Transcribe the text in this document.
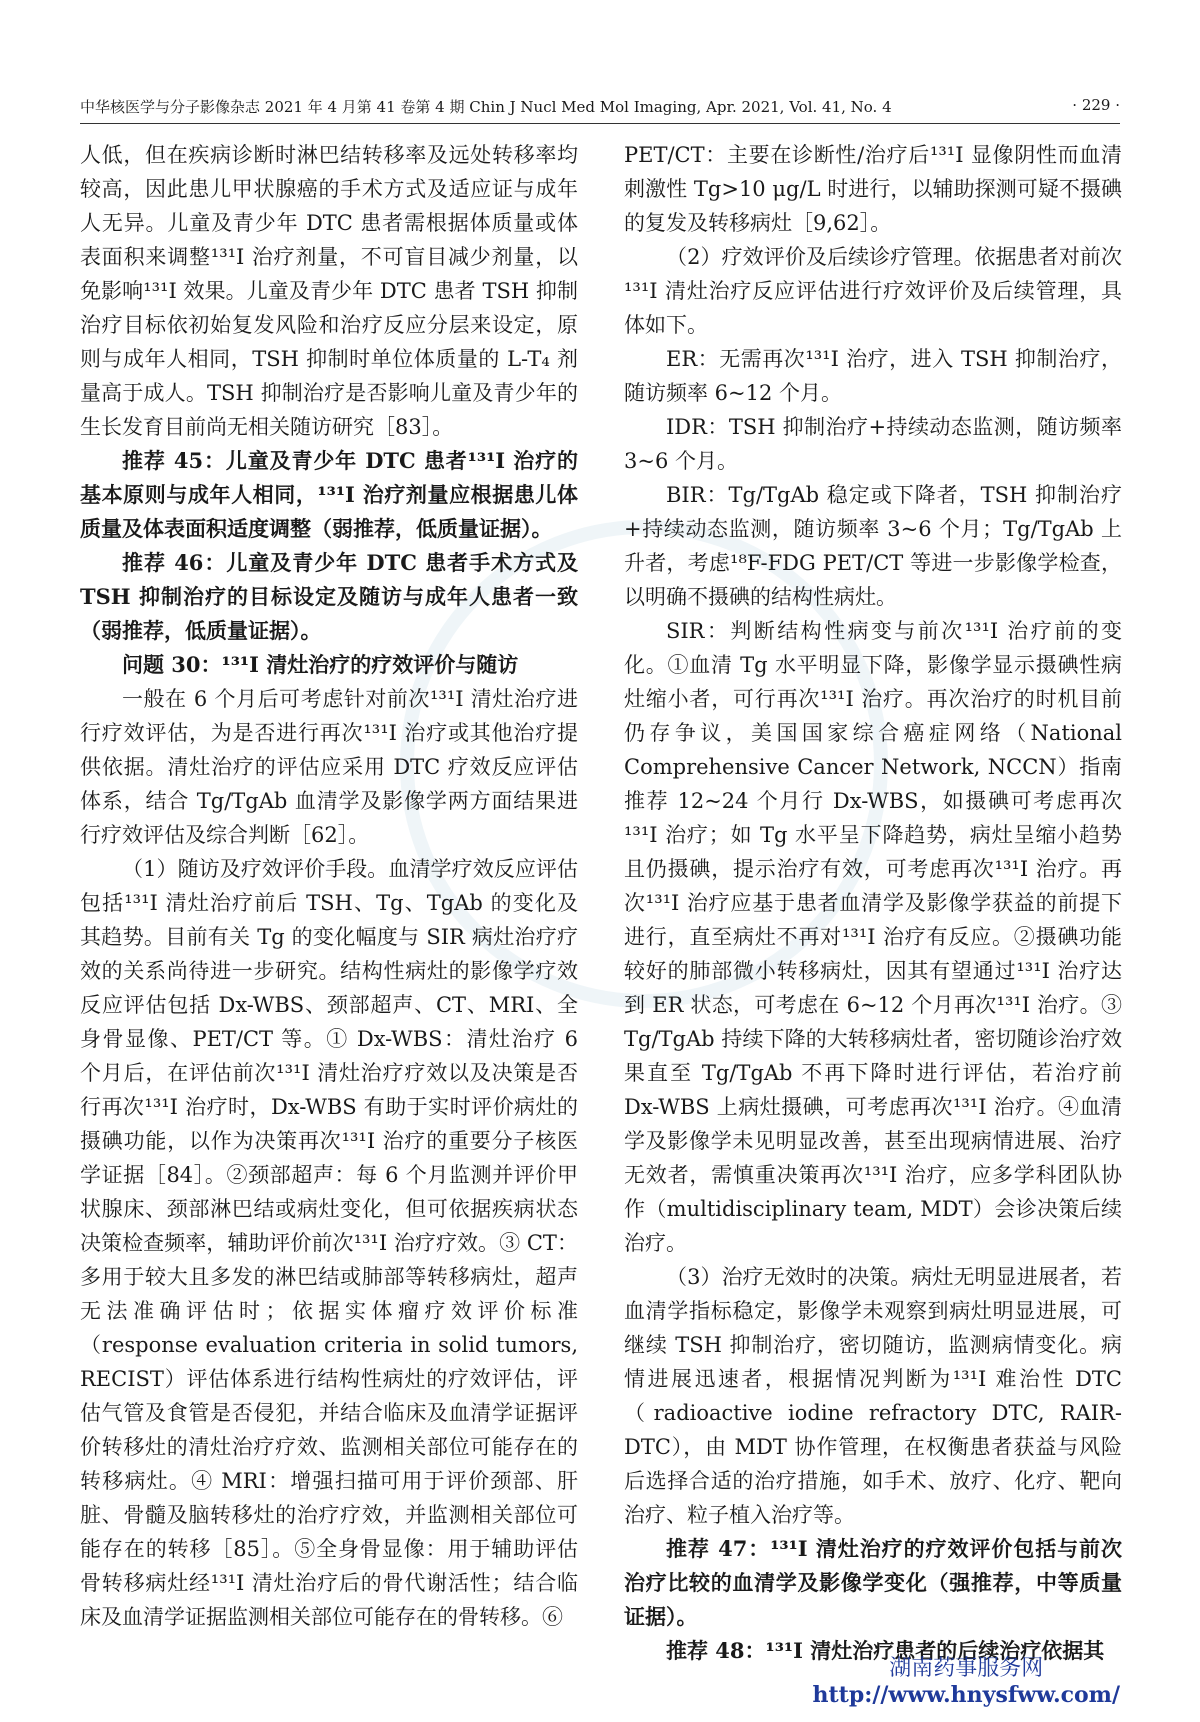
中华核医学与分子影像杂志 2021 年 4 月第 41 卷第 4 期 Chin J Nucl Med Mol Imaging, Apr. 2021, Vol. 41, No. 4	· 229 ·

人低，但在疾病诊断时淋巴结转移率及远处转移率均较高，因此患儿甲状腺癌的手术方式及适应证与成年人无异。儿童及青少年 DTC 患者需根据体质量或体表面积来调整¹³¹I 治疗剂量，不可盲目减少剂量，以免影响¹³¹I 效果。儿童及青少年 DTC 患者 TSH 抑制治疗目标依初始复发风险和治疗反应分层来设定，原则与成年人相同，TSH 抑制时单位体质量的 L-T₄ 剂量高于成人。TSH 抑制治疗是否影响儿童及青少年的生长发育目前尚无相关随访研究［83］。

推荐 45：儿童及青少年 DTC 患者¹³¹I 治疗的基本原则与成年人相同，¹³¹I 治疗剂量应根据患儿体质量及体表面积适度调整（弱推荐，低质量证据）。

推荐 46：儿童及青少年 DTC 患者手术方式及 TSH 抑制治疗的目标设定及随访与成年人患者一致（弱推荐，低质量证据）。

问题 30：¹³¹I 清灶治疗的疗效评价与随访

一般在 6 个月后可考虑针对前次¹³¹I 清灶治疗进行疗效评估，为是否进行再次¹³¹I 治疗或其他治疗提供依据。清灶治疗的评估应采用 DTC 疗效反应评估体系，结合 Tg/TgAb 血清学及影像学两方面结果进行疗效评估及综合判断［62］。

（1）随访及疗效评价手段。血清学疗效反应评估包括¹³¹I 清灶治疗前后 TSH、Tg、TgAb 的变化及其趋势。目前有关 Tg 的变化幅度与 SIR 病灶治疗疗效的关系尚待进一步研究。结构性病灶的影像学疗效反应评估包括 Dx-WBS、颈部超声、CT、MRI、全身骨显像、PET/CT 等。① Dx-WBS：清灶治疗 6 个月后，在评估前次¹³¹I 清灶治疗疗效以及决策是否行再次¹³¹I 治疗时，Dx-WBS 有助于实时评价病灶的摄碘功能，以作为决策再次¹³¹I 治疗的重要分子核医学证据［84］。②颈部超声：每 6 个月监测并评价甲状腺床、颈部淋巴结或病灶变化，但可依据疾病状态决策检查频率，辅助评价前次¹³¹I 治疗疗效。③ CT：多用于较大且多发的淋巴结或肺部等转移病灶，超声无法准确评估时；依据实体瘤疗效评价标准（response evaluation criteria in solid tumors, RECIST）评估体系进行结构性病灶的疗效评估，评估气管及食管是否侵犯，并结合临床及血清学证据评价转移灶的清灶治疗疗效、监测相关部位可能存在的转移病灶。④ MRI：增强扫描可用于评价颈部、肝脏、骨髓及脑转移灶的治疗疗效，并监测相关部位可能存在的转移［85］。⑤全身骨显像：用于辅助评估骨转移病灶经¹³¹I 清灶治疗后的骨代谢活性；结合临床及血清学证据监测相关部位可能存在的骨转移。⑥

PET/CT：主要在诊断性/治疗后¹³¹I 显像阴性而血清刺激性 Tg>10 μg/L 时进行，以辅助探测可疑不摄碘的复发及转移病灶［9,62］。

（2）疗效评价及后续诊疗管理。依据患者对前次¹³¹I 清灶治疗反应评估进行疗效评价及后续管理，具体如下。

ER：无需再次¹³¹I 治疗，进入 TSH 抑制治疗，随访频率 6~12 个月。

IDR：TSH 抑制治疗+持续动态监测，随访频率 3~6 个月。

BIR：Tg/TgAb 稳定或下降者，TSH 抑制治疗+持续动态监测，随访频率 3~6 个月；Tg/TgAb 上升者，考虑¹⁸F-FDG PET/CT 等进一步影像学检查，以明确不摄碘的结构性病灶。

SIR：判断结构性病变与前次¹³¹I 治疗前的变化。①血清 Tg 水平明显下降，影像学显示摄碘性病灶缩小者，可行再次¹³¹I 治疗。再次治疗的时机目前仍存争议，美国国家综合癌症网络（National Comprehensive Cancer Network, NCCN）指南推荐 12~24 个月行 Dx-WBS，如摄碘可考虑再次¹³¹I 治疗；如 Tg 水平呈下降趋势，病灶呈缩小趋势且仍摄碘，提示治疗有效，可考虑再次¹³¹I 治疗。再次¹³¹I 治疗应基于患者血清学及影像学获益的前提下进行，直至病灶不再对¹³¹I 治疗有反应。②摄碘功能较好的肺部微小转移病灶，因其有望通过¹³¹I 治疗达到 ER 状态，可考虑在 6~12 个月再次¹³¹I 治疗。③ Tg/TgAb 持续下降的大转移病灶者，密切随诊治疗效果直至 Tg/TgAb 不再下降时进行评估，若治疗前 Dx-WBS 上病灶摄碘，可考虑再次¹³¹I 治疗。④血清学及影像学未见明显改善，甚至出现病情进展、治疗无效者，需慎重决策再次¹³¹I 治疗，应多学科团队协作（multidisciplinary team, MDT）会诊决策后续治疗。

（3）治疗无效时的决策。病灶无明显进展者，若血清学指标稳定，影像学未观察到病灶明显进展，可继续 TSH 抑制治疗，密切随访，监测病情变化。病情进展迅速者，根据情况判断为¹³¹I 难治性 DTC（radioactive iodine refractory DTC, RAIR-DTC），由 MDT 协作管理，在权衡患者获益与风险后选择合适的治疗措施，如手术、放疗、化疗、靶向治疗、粒子植入治疗等。

推荐 47：¹³¹I 清灶治疗的疗效评价包括与前次治疗比较的血清学及影像学变化（强推荐，中等质量证据）。

推荐 48：¹³¹I 清灶治疗患者的后续治疗依据其

湖南药事服务网
http://www.hnysfww.com/
